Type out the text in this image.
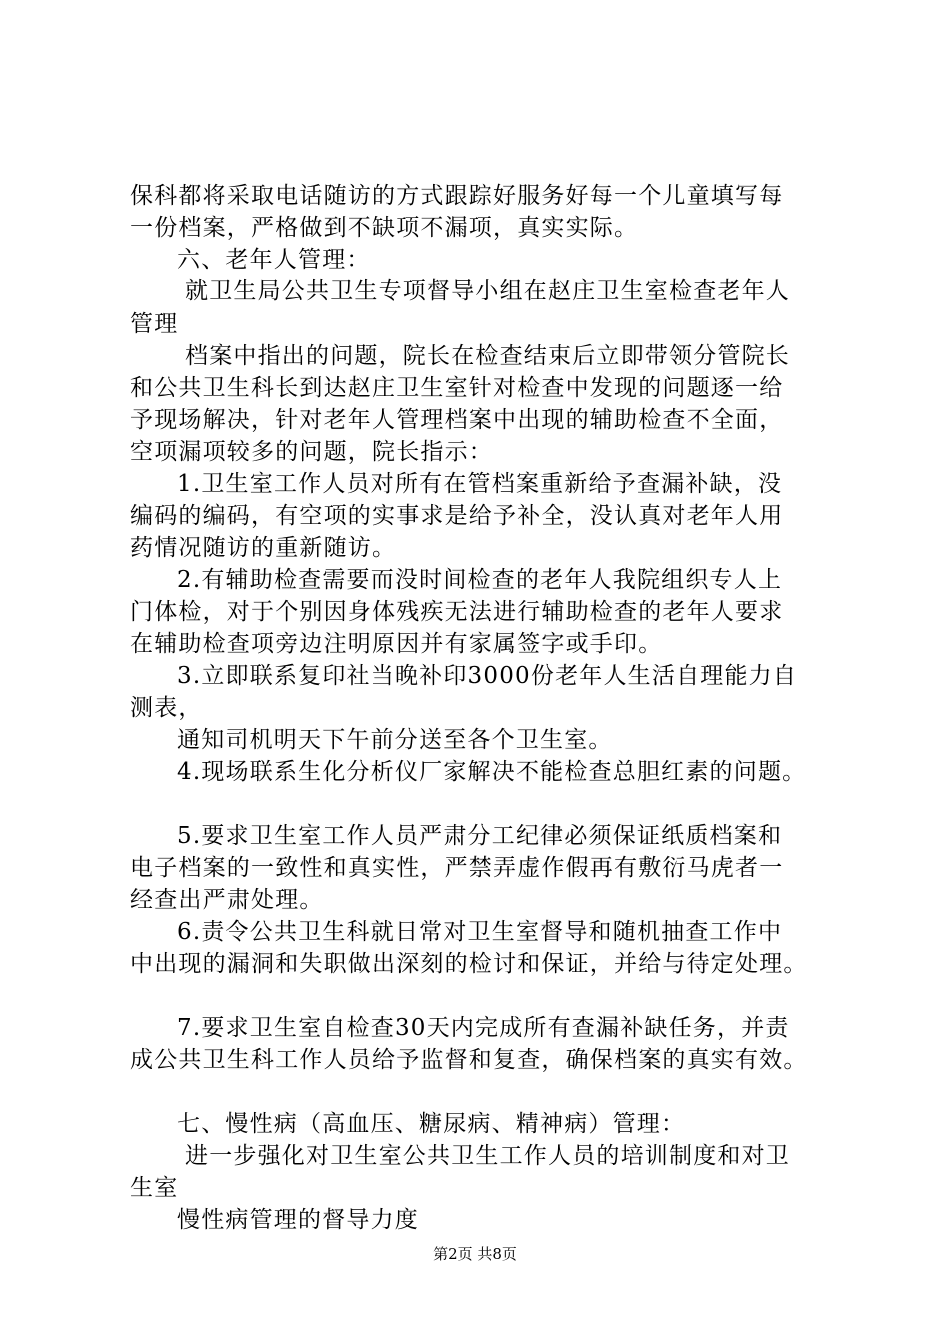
保科都将采取电话随访的方式跟踪好服务好每一个儿童填写每
一份档案，严格做到不缺项不漏项，真实实际。
六、老年人管理：
就卫生局公共卫生专项督导小组在赵庄卫生室检查老年人
管理
档案中指出的问题，院长在检查结束后立即带领分管院长
和公共卫生科长到达赵庄卫生室针对检查中发现的问题逐一给
予现场解决，针对老年人管理档案中出现的辅助检查不全面，
空项漏项较多的问题，院长指示：
1.卫生室工作人员对所有在管档案重新给予查漏补缺，没
编码的编码，有空项的实事求是给予补全，没认真对老年人用
药情况随访的重新随访。
2.有辅助检查需要而没时间检查的老年人我院组织专人上
门体检，对于个别因身体残疾无法进行辅助检查的老年人要求
在辅助检查项旁边注明原因并有家属签字或手印。
3.立即联系复印社当晚补印3000份老年人生活自理能力自
测表，
通知司机明天下午前分送至各个卫生室。
4.现场联系生化分析仪厂家解决不能检查总胆红素的问题。
5.要求卫生室工作人员严肃分工纪律必须保证纸质档案和
电子档案的一致性和真实性，严禁弄虚作假再有敷衍马虎者一
经查出严肃处理。
6.责令公共卫生科就日常对卫生室督导和随机抽查工作中
中出现的漏洞和失职做出深刻的检讨和保证，并给与待定处理。
7.要求卫生室自检查30天内完成所有查漏补缺任务，并责
成公共卫生科工作人员给予监督和复查，确保档案的真实有效。
七、慢性病（高血压、糖尿病、精神病）管理：
进一步强化对卫生室公共卫生工作人员的培训制度和对卫
生室
慢性病管理的督导力度
第2页 共8页
